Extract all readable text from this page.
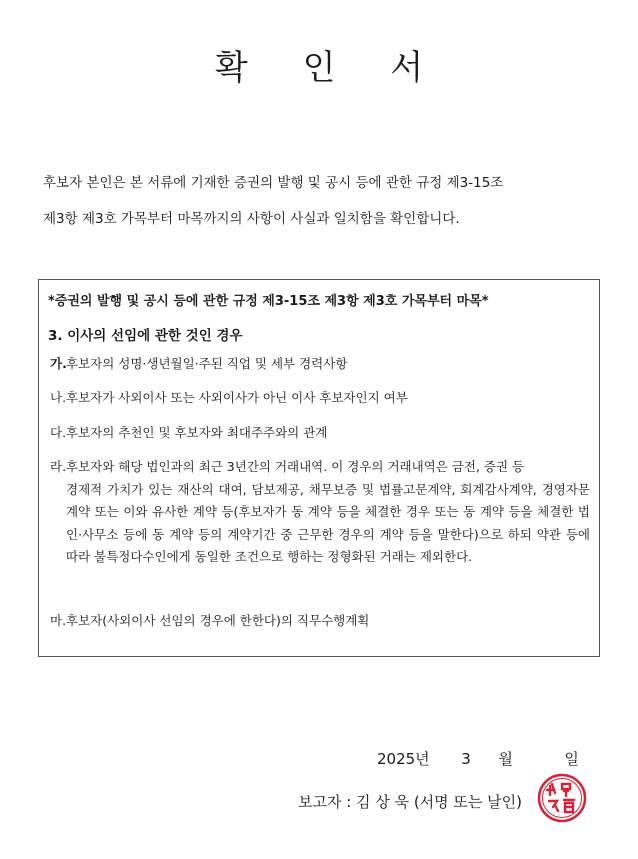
확 인 서
후보자 본인은 본 서류에 기재한 증권의 발행 및 공시 등에 관한 규정 제3-15조
제3항 제3호 가목부터 마목까지의 사항이 사실과 일치함을 확인합니다.
*증권의 발행 및 공시 등에 관한 규정 제3-15조 제3항 제3호 가목부터 마목*
3. 이사의 선임에 관한 것인 경우
가.후보자의 성명·생년월일·주된 직업 및 세부 경력사항
나.후보자가 사외이사 또는 사외이사가 아닌 이사 후보자인지 여부
다.후보자의 추천인 및 후보자와 최대주주와의 관계
라.후보자와 해당 법인과의 최근 3년간의 거래내역. 이 경우의 거래내역은 금전, 증권 등
경제적 가치가 있는 재산의 대여, 담보제공, 채무보증 및 법률고문계약, 회계감사계약, 경영자문계약 또는 이와 유사한 계약 등(후보자가 동 계약 등을 체결한 경우 또는 동 계약 등을 체결한 법인·사무소 등에 동 계약 등의 계약기간 중 근무한 경우의 계약 등을 말한다)으로 하되 약관 등에 따라 불특정다수인에게 동일한 조건으로 행하는 정형화된 거래는 제외한다.
마.후보자(사외이사 선임의 경우에 한한다)의 직무수행계획
2025년 3 월	일
보고자 : 김 상 욱 (서명 또는 날인)
